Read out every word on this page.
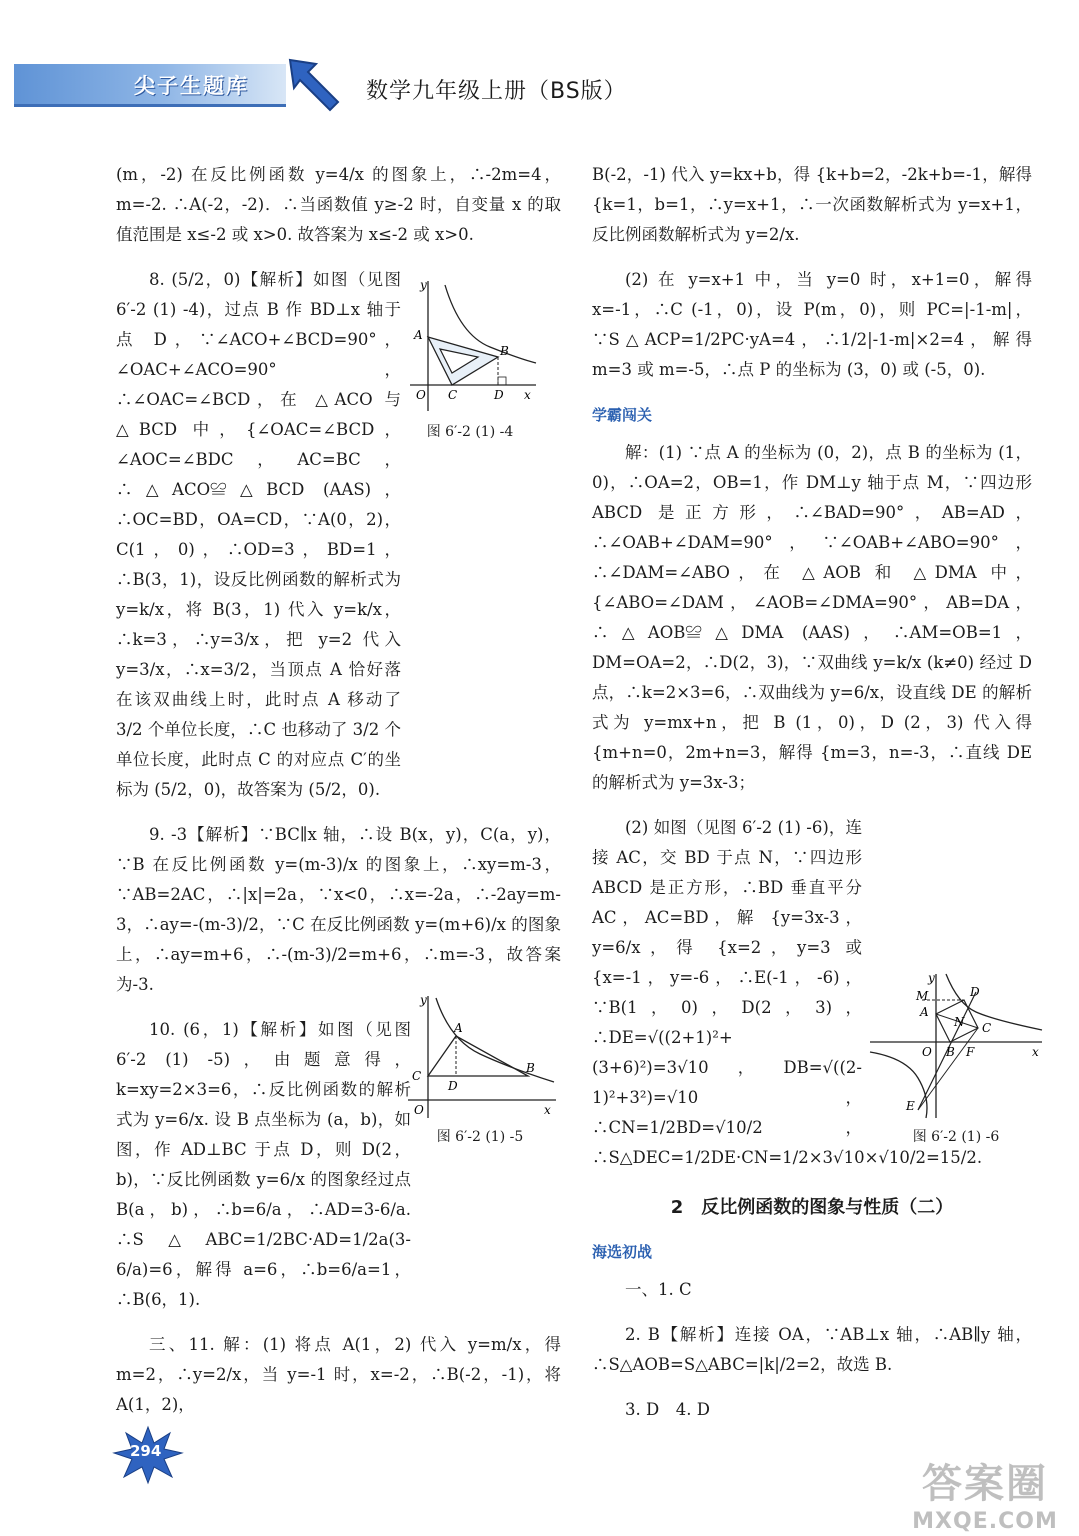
尖子生题库	数学九年级上册（BS版）

(m，-2) 在反比例函数 y=4/x 的图象上，∴-2m=4，m=-2. ∴A(-2，-2)．∴当函数值 y≥-2 时，自变量 x 的取值范围是 x≤-2 或 x>0. 故答案为 x≤-2 或 x>0.

8. (5/2，0)【解析】如图（见图 6′-2 (1) -4)，过点 B 作 BD⊥x 轴于点 D，∵∠ACO+∠BCD=90°，∠OAC+∠ACO=90°，∴∠OAC=∠BCD，在 △ACO 与 △BCD 中，{∠OAC=∠BCD，∠AOC=∠BDC，AC=BC，∴△ACO≌△BCD (AAS)，∴OC=BD，OA=CD，∵A(0，2)，C(1，0)，∴OD=3，BD=1，∴B(3，1)，设反比例函数的解析式为 y=k/x，将 B(3，1) 代入 y=k/x，∴k=3，∴y=3/x，把 y=2 代入 y=3/x，∴x=3/2，当顶点 A 恰好落在该双曲线上时，此时点 A 移动了 3/2 个单位长度，∴C 也移动了 3/2 个单位长度，此时点 C 的对应点 C′的坐标为 (5/2，0)，故答案为 (5/2，0).

9. -3【解析】∵BC∥x 轴，∴设 B(x，y)，C(a，y)，∵B 在反比例函数 y=(m-3)/x 的图象上，∴xy=m-3，∵AB=2AC，∴|x|=2a，∵x<0，∴x=-2a，∴-2ay=m-3，∴ay=-(m-3)/2，∵C 在反比例函数 y=(m+6)/x 的图象上，∴ay=m+6，∴-(m-3)/2=m+6，∴m=-3，故答案为-3.

10. (6，1)【解析】如图（见图 6′-2 (1) -5)，由题意得，k=xy=2×3=6，∴反比例函数的解析式为 y=6/x. 设 B 点坐标为 (a，b)，如图，作 AD⊥BC 于点 D，则 D(2，b)，∵反比例函数 y=6/x 的图象经过点 B(a，b)，∴b=6/a，∴AD=3-6/a. ∴S△ABC=1/2BC·AD=1/2a(3-6/a)=6，解得 a=6，∴b=6/a=1，∴B(6，1).

三、11. 解：(1) 将点 A(1，2) 代入 y=m/x，得 m=2，∴y=2/x，当 y=-1 时，x=-2，∴B(-2，-1)，将 A(1，2)，

B(-2，-1) 代入 y=kx+b，得 {k+b=2，-2k+b=-1，解得 {k=1，b=1，∴y=x+1，∴一次函数解析式为 y=x+1，反比例函数解析式为 y=2/x.

(2) 在 y=x+1 中，当 y=0 时，x+1=0，解得 x=-1，∴C (-1，0)，设 P(m，0)，则 PC=|-1-m|，∵S△ACP=1/2PC·yA=4，∴1/2|-1-m|×2=4，解得 m=3 或 m=-5，∴点 P 的坐标为 (3，0) 或 (-5，0).

学霸闯关

解：(1) ∵点 A 的坐标为 (0，2)，点 B 的坐标为 (1，0)，∴OA=2，OB=1，作 DM⊥y 轴于点 M，∵四边形 ABCD 是正方形，∴∠BAD=90°，AB=AD，∴∠OAB+∠DAM=90°，∵∠OAB+∠ABO=90°，∴∠DAM=∠ABO，在 △AOB 和 △DMA 中，{∠ABO=∠DAM，∠AOB=∠DMA=90°，AB=DA，∴△AOB≌△DMA (AAS)，∴AM=OB=1，DM=OA=2，∴D(2，3)，∵双曲线 y=k/x (k≠0) 经过 D 点，∴k=2×3=6，∴双曲线为 y=6/x，设直线 DE 的解析式为 y=mx+n，把 B (1，0)，D (2，3) 代入得 {m+n=0，2m+n=3，解得 {m=3，n=-3，∴直线 DE 的解析式为 y=3x-3；

(2) 如图（见图 6′-2 (1) -6)，连接 AC，交 BD 于点 N，∵四边形 ABCD 是正方形，∴BD 垂直平分 AC，AC=BD，解 {y=3x-3，y=6/x，得 {x=2，y=3 或 {x=-1，y=-6，∴E(-1，-6)，∵B(1，0)，D(2，3)，∴DE=√((2+1)²+(3+6)²)=3√10，DB=√((2-1)²+3²)=√10，∴CN=1/2BD=√10/2，∴S△DEC=1/2DE·CN=1/2×3√10×√10/2=15/2.

2　反比例函数的图象与性质（二）
海选初战

一、1. C

2. B【解析】连接 OA，∵AB⊥x 轴，∴AB∥y 轴，∴S△AOB=S△ABC=|k|/2=2，故选 B.

3. D　4. D

y
A
B
O C	D x
图 6′-2 (1) -4
y
A
B
C
D
O	x
图 6′-2 (1) -5
y
M
A
D
N C
O B F	x
E
图 6′-2 (1) -6
294
答案圈
MXQE.COM
